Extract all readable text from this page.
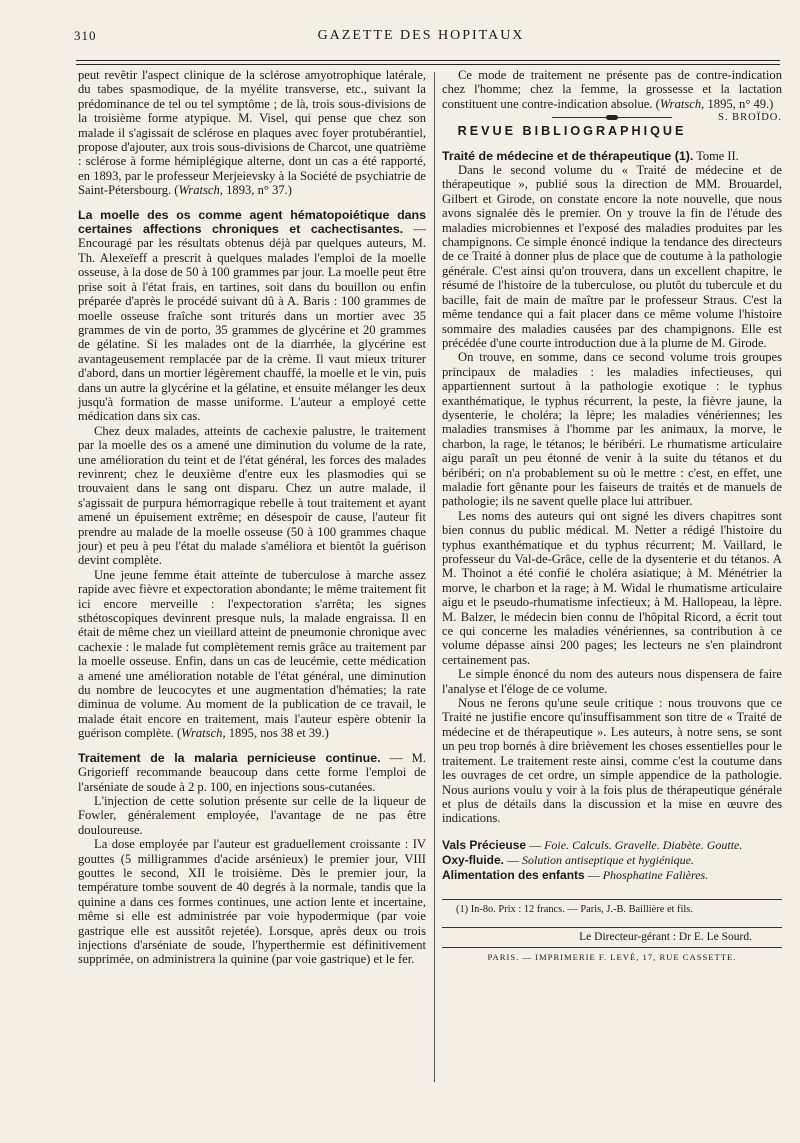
310	GAZETTE DES HOPITAUX

peut revêtir l'aspect clinique de la sclérose amyotrophique latérale, du tabes spasmodique, de la myélite transverse, etc., suivant la prédominance de tel ou tel symptôme ; de là, trois sous-divisions de la troisième forme atypique. M. Visel, qui pense que chez son malade il s'agissait de sclérose en plaques avec foyer protubérantiel, propose d'ajouter, aux trois sous-divisions de Charcot, une quatrième : sclérose à forme hémiplégique alterne, dont un cas a été rapporté, en 1893, par le professeur Merjeievsky à la Société de psychiatrie de Saint-Pétersbourg. (Wratsch, 1893, n° 37.)

La moelle des os comme agent hématopoiétique dans certaines affections chroniques et cachectisantes. — Encouragé par les résultats obtenus déjà par quelques auteurs, M. Th. Alexeïeff a prescrit à quelques malades l'emploi de la moelle osseuse, à la dose de 50 à 100 grammes par jour. La moelle peut être prise soit à l'état frais, en tartines, soit dans du bouillon ou enfin préparée d'après le procédé suivant dû à A. Baris : 100 grammes de moelle osseuse fraîche sont triturés dans un mortier avec 35 grammes de vin de porto, 35 grammes de glycérine et 20 grammes de gélatine. Si les malades ont de la diarrhée, la glycérine est avantageusement remplacée par de la crème. Il vaut mieux triturer d'abord, dans un mortier légèrement chauffé, la moelle et le vin, puis dans un autre la glycérine et la gélatine, et ensuite mélanger les deux jusqu'à formation de masse uniforme. L'auteur a employé cette médication dans six cas.

Chez deux malades, atteints de cachexie palustre, le traitement par la moelle des os a amené une diminution du volume de la rate, une amélioration du teint et de l'état général, les forces des malades revinrent; chez le deuxième d'entre eux les plasmodies qui se trouvaient dans le sang ont disparu. Chez un autre malade, il s'agissait de purpura hémorragique rebelle à tout traitement et ayant amené un épuisement extrême; en désespoir de cause, l'auteur fit prendre au malade de la moelle osseuse (50 à 100 grammes chaque jour) et peu à peu l'état du malade s'améliora et bientôt la guérison devint complète.

Une jeune femme était atteinte de tuberculose à marche assez rapide avec fièvre et expectoration abondante; le même traitement fit ici encore merveille : l'expectoration s'arrêta; les signes sthétoscopiques devinrent presque nuls, la malade engraissa. Il en était de même chez un vieillard atteint de pneumonie chronique avec cachexie : le malade fut complètement remis grâce au traitement par la moelle osseuse. Enfin, dans un cas de leucémie, cette médication a amené une amélioration notable de l'état général, une diminution du nombre de leucocytes et une augmentation d'hématies; la rate diminua de volume. Au moment de la publication de ce travail, le malade était encore en traitement, mais l'auteur espère obtenir la guérison complète. (Wratsch, 1895, nos 38 et 39.)

Traitement de la malaria pernicieuse continue. — M. Grigorieff recommande beaucoup dans cette forme l'emploi de l'arséniate de soude à 2 p. 100, en injections sous-cutanées.

L'injection de cette solution présente sur celle de la liqueur de Fowler, généralement employée, l'avantage de ne pas être douloureuse.

La dose employée par l'auteur est graduellement croissante : IV gouttes (5 milligrammes d'acide arsénieux) le premier jour, VIII gouttes le second, XII le troisième. Dès le premier jour, la température tombe souvent de 40 degrés à la normale, tandis que la quinine a dans ces formes continues, une action lente et incertaine, même si elle est administrée par voie hypodermique (par voie gastrique elle est aussitôt rejetée). Lorsque, après deux ou trois injections d'arséniate de soude, l'hyperthermie est définitivement supprimée, on administrera la quinine (par voie gastrique) et le fer.

Ce mode de traitement ne présente pas de contre-indication chez l'homme; chez la femme, la grossesse et la lactation constituent une contre-indication absolue. (Wratsch, 1895, n° 49.)
S. BROÏDO.

REVUE BIBLIOGRAPHIQUE

Traité de médecine et de thérapeutique (1). Tome II.

Dans le second volume du « Traité de médecine et de thérapeutique », publié sous la direction de MM. Brouardel, Gilbert et Girode, on constate encore la note nouvelle, que nous avons signalée dès le premier. On y trouve la fin de l'étude des maladies microbiennes et l'exposé des maladies produites par les champignons. Ce simple énoncé indique la tendance des directeurs de ce Traité à donner plus de place que de coutume à la pathologie générale. C'est ainsi qu'on trouvera, dans un excellent chapitre, le résumé de l'histoire de la tuberculose, ou plutôt du tubercule et du bacille, fait de main de maître par le professeur Straus. C'est la même tendance qui a fait placer dans ce même volume l'histoire sommaire des maladies causées par des champignons. Elle est précédée d'une courte introduction due à la plume de M. Girode.

On trouve, en somme, dans ce second volume trois groupes principaux de maladies : les maladies infectieuses, qui appartiennent surtout à la pathologie exotique : le typhus exanthématique, le typhus récurrent, la peste, la fièvre jaune, la dysenterie, le choléra; la lèpre; les maladies vénériennes; les maladies transmises à l'homme par les animaux, la morve, le charbon, la rage, le tétanos; le béribéri. Le rhumatisme articulaire aigu paraît un peu étonné de venir à la suite du tétanos et du béribéri; on n'a probablement su où le mettre : c'est, en effet, une maladie fort gênante pour les faiseurs de traités et de manuels de pathologie; ils ne savent quelle place lui attribuer.

Les noms des auteurs qui ont signé les divers chapitres sont bien connus du public médical. M. Netter a rédigé l'histoire du typhus exanthématique et du typhus récurrent; M. Vaillard, le professeur du Val-de-Grâce, celle de la dysenterie et du tétanos. A M. Thoinot a été confié le choléra asiatique; à M. Ménétrier la morve, le charbon et la rage; à M. Widal le rhumatisme articulaire aigu et le pseudo-rhumatisme infectieux; à M. Hallopeau, la lèpre. M. Balzer, le médecin bien connu de l'hôpital Ricord, a écrit tout ce qui concerne les maladies vénériennes, sa contribution à ce volume dépasse ainsi 200 pages; les lecteurs ne s'en plaindront certainement pas.

Le simple énoncé du nom des auteurs nous dispensera de faire l'analyse et l'éloge de ce volume.

Nous ne ferons qu'une seule critique : nous trouvons que ce Traité ne justifie encore qu'insuffisamment son titre de « Traité de médecine et de thérapeutique ». Les auteurs, à notre sens, se sont un peu trop bornés à dire brièvement les choses essentielles pour le traitement. Le traitement reste ainsi, comme c'est la coutume dans les ouvrages de cet ordre, un simple appendice de la pathologie. Nous aurions voulu y voir à la fois plus de thérapeutique générale et plus de détails dans la discussion et la mise en œuvre des indications.

Vals Précieuse — Foie. Calculs. Gravelle. Diabète. Goutte.
Oxy-fluide. — Solution antiseptique et hygiénique.
Alimentation des enfants — Phosphatine Falières.
(1) In-8o. Prix : 12 francs. — Paris, J.-B. Baillière et fils.
Le Directeur-gérant : Dr E. Le Sourd.
PARIS. — IMPRIMERIE F. LEVÉ, 17, RUE CASSETTE.
